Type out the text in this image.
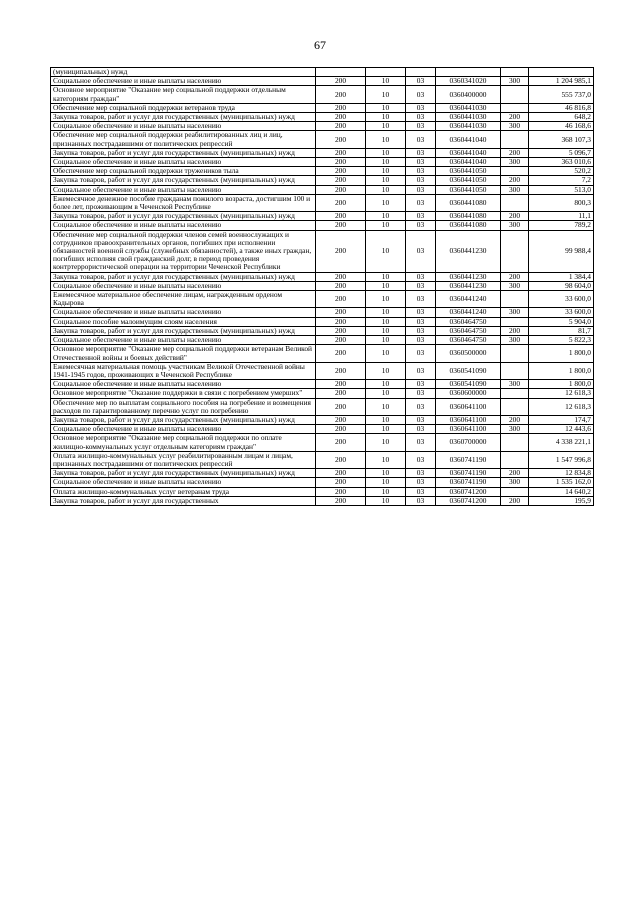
67
(муниципальных) нужд						
Социальное обеспечение и иные выплаты населению	200	10	03	0360341020	300	1 204 985,1
Основное мероприятие "Оказание мер социальной поддержки отдельным категориям граждан"	200	10	03	0360400000		555 737,0
Обеспечение мер социальной поддержки ветеранов труда	200	10	03	0360441030		46 816,8
Закупка товаров, работ и услуг для государственных (муниципальных) нужд	200	10	03	0360441030	200	648,2
Социальное обеспечение и иные выплаты населению	200	10	03	0360441030	300	46 168,6
Обеспечение мер социальной поддержки реабилитированных лиц и лиц, признанных пострадавшими от политических репрессий	200	10	03	0360441040		368 107,3
Закупка товаров, работ и услуг для государственных (муниципальных) нужд	200	10	03	0360441040	200	5 096,7
Социальное обеспечение и иные выплаты населению	200	10	03	0360441040	300	363 010,6
Обеспечение мер социальной поддержки тружеников тыла	200	10	03	0360441050		520,2
Закупка товаров, работ и услуг для государственных (муниципальных) нужд	200	10	03	0360441050	200	7,2
Социальное обеспечение и иные выплаты населению	200	10	03	0360441050	300	513,0
Ежемесячное денежное пособие гражданам пожилого возраста, достигшим 100 и более лет, проживающим в Чеченской Республике	200	10	03	0360441080		800,3
Закупка товаров, работ и услуг для государственных (муниципальных) нужд	200	10	03	0360441080	200	11,1
Социальное обеспечение и иные выплаты населению	200	10	03	0360441080	300	789,2
Обеспечение мер социальной поддержки членов семей военнослужащих и сотрудников правоохранительных органов, погибших при исполнении обязанностей военной службы (служебных обязанностей), а также иных граждан, погибших исполняя свой гражданский долг, в период проведения контртеррористической операции на территории Чеченской Республики	200	10	03	0360441230		99 988,4
Закупка товаров, работ и услуг для государственных (муниципальных) нужд	200	10	03	0360441230	200	1 384,4
Социальное обеспечение и иные выплаты населению	200	10	03	0360441230	300	98 604,0
Ежемесячное материальное обеспечение лицам, награжденным орденом Кадырова	200	10	03	0360441240		33 600,0
Социальное обеспечение и иные выплаты населению	200	10	03	0360441240	300	33 600,0
Социальное пособие малоимущим слоям населения	200	10	03	0360464750		5 904,0
Закупка товаров, работ и услуг для государственных (муниципальных) нужд	200	10	03	0360464750	200	81,7
Социальное обеспечение и иные выплаты населению	200	10	03	0360464750	300	5 822,3
Основное мероприятие "Оказание мер социальной поддержки ветеранам Великой Отечественной войны и боевых действий"	200	10	03	0360500000		1 800,0
Ежемесячная материальная помощь участникам Великой Отечественной войны 1941-1945 годов, проживающих в Чеченской Республике	200	10	03	0360541090		1 800,0
Социальное обеспечение и иные выплаты населению	200	10	03	0360541090	300	1 800,0
Основное мероприятие "Оказание поддержки в связи с погребением умерших"	200	10	03	0360600000		12 618,3
Обеспечение мер по выплатам социального пособия на погребение и возмещения расходов по гарантированному перечню услуг по погребению	200	10	03	0360641100		12 618,3
Закупка товаров, работ и услуг для государственных (муниципальных) нужд	200	10	03	0360641100	200	174,7
Социальное обеспечение и иные выплаты населению	200	10	03	0360641100	300	12 443,6
Основное мероприятие "Оказание мер социальной поддержки по оплате жилищно-коммунальных услуг отдельным категориям граждан"	200	10	03	0360700000		4 338 221,1
Оплата жилищно-коммунальных услуг реабилитированным лицам и лицам, признанных пострадавшими от политических репрессий	200	10	03	0360741190		1 547 996,8
Закупка товаров, работ и услуг для государственных (муниципальных) нужд	200	10	03	0360741190	200	12 834,8
Социальное обеспечение и иные выплаты населению	200	10	03	0360741190	300	1 535 162,0
Оплата жилищно-коммунальных услуг ветеранам труда	200	10	03	0360741200		14 640,2
Закупка товаров, работ и услуг для государственных	200	10	03	0360741200	200	195,9
